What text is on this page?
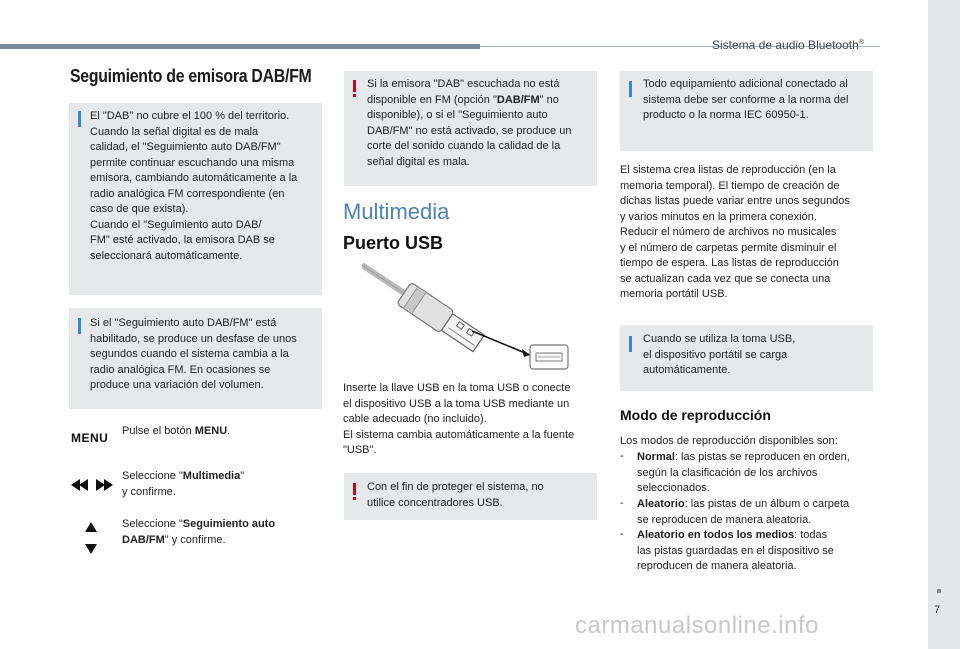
Sistema de audio Bluetooth®
7
Seguimiento de emisora DAB/FM

El "DAB" no cubre el 100 % del territorio.

Cuando la señal digital es de mala

calidad, el "Seguimiento auto DAB/FM"

permite continuar escuchando una misma

emisora, cambiando automáticamente a la

radio analógica FM correspondiente (en

caso de que exista).

Cuando el "Seguimiento auto DAB/

FM" esté activado, la emisora DAB se

seleccionará automáticamente.

Si el "Seguimiento auto DAB/FM" está

habilitado, se produce un desfase de unos

segundos cuando el sistema cambia a la

radio analógica FM. En ocasiones se

produce una variación del volumen.

MENU Pulse el botón MENU.
Seleccione "Multimedia"
y confirme.
Seleccione "Seguimiento auto
DAB/FM" y confirme.

Si la emisora "DAB" escuchada no está

disponible en FM (opción "DAB/FM" no

disponible), o si el "Seguimiento auto

DAB/FM" no está activado, se produce un

corte del sonido cuando la calidad de la

señal digital es mala.

Multimedia
Puerto USB
Inserte la llave USB en la toma USB o conecte
el dispositivo USB a la toma USB mediante un
cable adecuado (no incluido).
El sistema cambia automáticamente a la fuente
"USB".

Con el fin de proteger el sistema, no

utilice concentradores USB.

Todo equipamiento adicional conectado al

sistema debe ser conforme a la norma del

producto o la norma IEC 60950-1.

El sistema crea listas de reproducción (en la
memoria temporal). El tiempo de creación de
dichas listas puede variar entre unos segundos
y varios minutos en la primera conexión.
Reducir el número de archivos no musicales
y el número de carpetas permite disminuir el
tiempo de espera. Las listas de reproducción
se actualizan cada vez que se conecta una
memoria portátil USB.

Cuando se utiliza la toma USB,

el dispositivo portátil se carga

automáticamente.

Modo de reproducción
Los modos de reproducción disponibles son:
- Normal: las pistas se reproducen en orden,
según la clasificación de los archivos
seleccionados.
- Aleatorio: las pistas de un álbum o carpeta
se reproducen de manera aleatoria.
- Aleatorio en todos los medios: todas
las pistas guardadas en el dispositivo se
reproducen de manera aleatoria.
carmanualsonline.info
